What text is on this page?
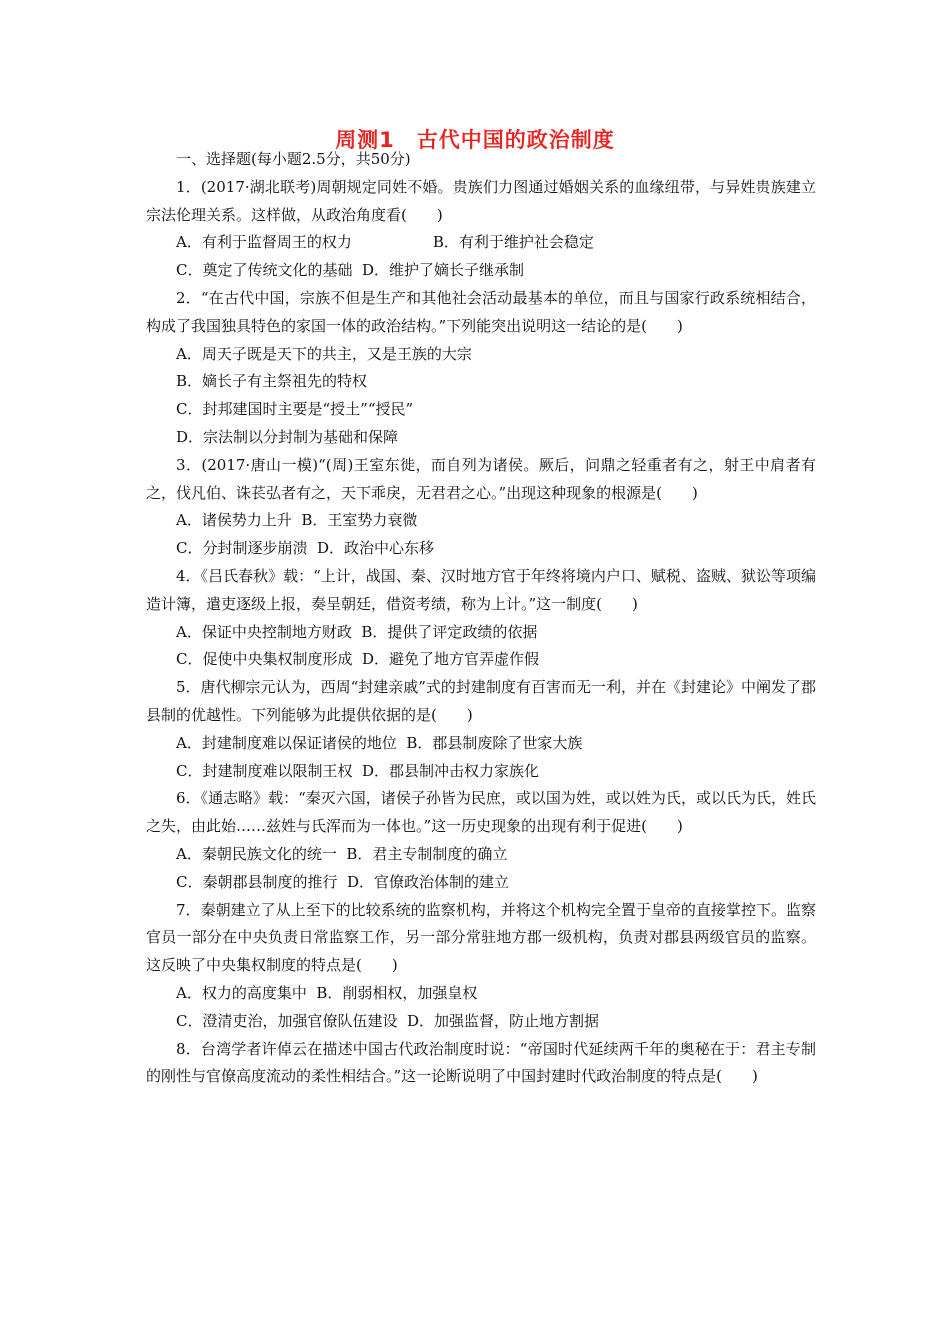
周测1　古代中国的政治制度

一、选择题(每小题2.5分，共50分)

1．(2017·湖北联考)周朝规定同姓不婚。贵族们力图通过婚姻关系的血缘纽带，与异姓贵族建立宗法伦理关系。这样做，从政治角度看(　　)

A．有利于监督周王的权力	B．有利于维护社会稳定

C．奠定了传统文化的基础 D．维护了嫡长子继承制

2．“在古代中国，宗族不但是生产和其他社会活动最基本的单位，而且与国家行政系统相结合，构成了我国独具特色的家国一体的政治结构。”下列能突出说明这一结论的是(　　)

A．周天子既是天下的共主，又是王族的大宗

B．嫡长子有主祭祖先的特权

C．封邦建国时主要是“授土”“授民”

D．宗法制以分封制为基础和保障

3．(2017·唐山一模)“(周)王室东徙，而自列为诸侯。厥后，问鼎之轻重者有之，射王中肩者有之，伐凡伯、诛苌弘者有之，天下乖戾，无君君之心。”出现这种现象的根源是(　　)

A．诸侯势力上升 B．王室势力衰微

C．分封制逐步崩溃 D．政治中心东移

4．《吕氏春秋》载：“上计，战国、秦、汉时地方官于年终将境内户口、赋税、盗贼、狱讼等项编造计簿，遣吏逐级上报，奏呈朝廷，借资考绩，称为上计。”这一制度(　　)

A．保证中央控制地方财政 B．提供了评定政绩的依据

C．促使中央集权制度形成 D．避免了地方官弄虚作假

5．唐代柳宗元认为，西周“封建亲戚”式的封建制度有百害而无一利，并在《封建论》中阐发了郡县制的优越性。下列能够为此提供依据的是(　　)

A．封建制度难以保证诸侯的地位 B．郡县制废除了世家大族

C．封建制度难以限制王权 D．郡县制冲击权力家族化

6．《通志略》载：“秦灭六国，诸侯子孙皆为民庶，或以国为姓，或以姓为氏，或以氏为氏，姓氏之失，由此始……兹姓与氏浑而为一体也。”这一历史现象的出现有利于促进(　　)

A．秦朝民族文化的统一 B．君主专制制度的确立

C．秦朝郡县制度的推行 D．官僚政治体制的建立

7．秦朝建立了从上至下的比较系统的监察机构，并将这个机构完全置于皇帝的直接掌控下。监察官员一部分在中央负责日常监察工作，另一部分常驻地方郡一级机构，负责对郡县两级官员的监察。这反映了中央集权制度的特点是(　　)

A．权力的高度集中 B．削弱相权，加强皇权

C．澄清吏治，加强官僚队伍建设 D．加强监督，防止地方割据

8．台湾学者许倬云在描述中国古代政治制度时说：“帝国时代延续两千年的奥秘在于：君主专制的刚性与官僚高度流动的柔性相结合。”这一论断说明了中国封建时代政治制度的特点是(　　)
